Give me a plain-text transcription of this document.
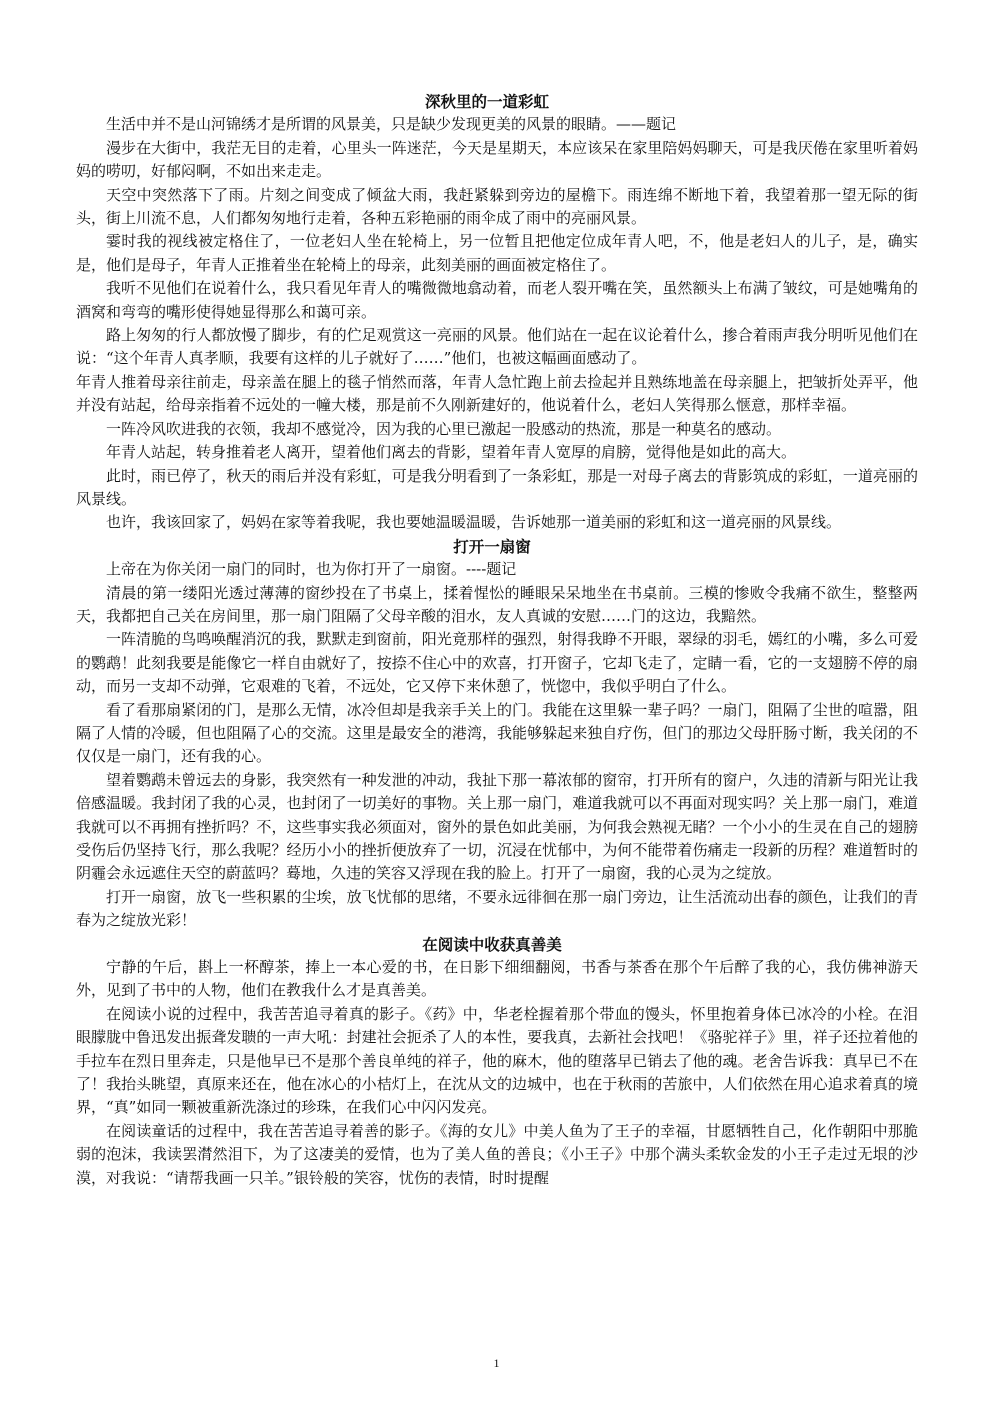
深秋里的一道彩虹

生活中并不是山河锦绣才是所谓的风景美，只是缺少发现更美的风景的眼睛。——题记

漫步在大街中，我茫无目的走着，心里头一阵迷茫，今天是星期天，本应该呆在家里陪妈妈聊天，可是我厌倦在家里听着妈妈的唠叨，好郁闷啊，不如出来走走。

天空中突然落下了雨。片刻之间变成了倾盆大雨，我赶紧躲到旁边的屋檐下。雨连绵不断地下着，我望着那一望无际的街头，街上川流不息，人们都匆匆地行走着，各种五彩艳丽的雨伞成了雨中的亮丽风景。

霎时我的视线被定格住了，一位老妇人坐在轮椅上，另一位暂且把他定位成年青人吧，不，他是老妇人的儿子，是，确实是，他们是母子，年青人正推着坐在轮椅上的母亲，此刻美丽的画面被定格住了。

我听不见他们在说着什么，我只看见年青人的嘴微微地翕动着，而老人裂开嘴在笑，虽然额头上布满了皱纹，可是她嘴角的酒窝和弯弯的嘴形使得她显得那么和蔼可亲。

路上匆匆的行人都放慢了脚步，有的伫足观赏这一亮丽的风景。他们站在一起在议论着什么，掺合着雨声我分明听见他们在说：“这个年青人真孝顺，我要有这样的儿子就好了……”他们，也被这幅画面感动了。

年青人推着母亲往前走，母亲盖在腿上的毯子悄然而落，年青人急忙跑上前去捡起并且熟练地盖在母亲腿上，把皱折处弄平，他并没有站起，给母亲指着不远处的一幢大楼，那是前不久刚新建好的，他说着什么，老妇人笑得那么惬意，那样幸福。

一阵冷风吹进我的衣领，我却不感觉冷，因为我的心里已激起一股感动的热流，那是一种莫名的感动。

年青人站起，转身推着老人离开，望着他们离去的背影，望着年青人宽厚的肩膀，觉得他是如此的高大。

此时，雨已停了，秋天的雨后并没有彩虹，可是我分明看到了一条彩虹，那是一对母子离去的背影筑成的彩虹，一道亮丽的风景线。

也许，我该回家了，妈妈在家等着我呢，我也要她温暖温暖，告诉她那一道美丽的彩虹和这一道亮丽的风景线。

打开一扇窗

上帝在为你关闭一扇门的同时，也为你打开了一扇窗。----题记

清晨的第一缕阳光透过薄薄的窗纱投在了书桌上，揉着惺忪的睡眼呆呆地坐在书桌前。三模的惨败令我痛不欲生，整整两天，我都把自己关在房间里，那一扇门阻隔了父母辛酸的泪水，友人真诚的安慰……门的这边，我黯然。

一阵清脆的鸟鸣唤醒消沉的我，默默走到窗前，阳光竟那样的强烈，射得我睁不开眼，翠绿的羽毛，嫣红的小嘴，多么可爱的鹦鹉！此刻我要是能像它一样自由就好了，按捺不住心中的欢喜，打开窗子，它却飞走了，定睛一看，它的一支翅膀不停的扇动，而另一支却不动弹，它艰难的飞着，不远处，它又停下来休憩了，恍惚中，我似乎明白了什么。

看了看那扇紧闭的门，是那么无情，冰冷但却是我亲手关上的门。我能在这里躲一辈子吗？一扇门，阻隔了尘世的喧嚣，阻隔了人情的冷暖，但也阻隔了心的交流。这里是最安全的港湾，我能够躲起来独自疗伤，但门的那边父母肝肠寸断，我关闭的不仅仅是一扇门，还有我的心。

望着鹦鹉未曾远去的身影，我突然有一种发泄的冲动，我扯下那一幕浓郁的窗帘，打开所有的窗户，久违的清新与阳光让我倍感温暖。我封闭了我的心灵，也封闭了一切美好的事物。关上那一扇门，难道我就可以不再面对现实吗？关上那一扇门，难道我就可以不再拥有挫折吗？不，这些事实我必须面对，窗外的景色如此美丽，为何我会熟视无睹？一个小小的生灵在自己的翅膀受伤后仍坚持飞行，那么我呢？经历小小的挫折便放弃了一切，沉浸在忧郁中，为何不能带着伤痛走一段新的历程？难道暂时的阴霾会永远遮住天空的蔚蓝吗？蓦地，久违的笑容又浮现在我的脸上。打开了一扇窗，我的心灵为之绽放。

打开一扇窗，放飞一些积累的尘埃，放飞忧郁的思绪，不要永远徘徊在那一扇门旁边，让生活流动出春的颜色，让我们的青春为之绽放光彩！

在阅读中收获真善美

宁静的午后，斟上一杯醇茶，捧上一本心爱的书，在日影下细细翻阅，书香与茶香在那个午后醉了我的心，我仿佛神游天外，见到了书中的人物，他们在教我什么才是真善美。

在阅读小说的过程中，我苦苦追寻着真的影子。《药》中，华老栓握着那个带血的馒头，怀里抱着身体已冰冷的小栓。在泪眼朦胧中鲁迅发出振聋发聩的一声大吼：封建社会扼杀了人的本性，要我真，去新社会找吧！《骆驼祥子》里，祥子还拉着他的手拉车在烈日里奔走，只是他早已不是那个善良单纯的祥子，他的麻木，他的堕落早已销去了他的魂。老舍告诉我：真早已不在了！我抬头眺望，真原来还在，他在冰心的小桔灯上，在沈从文的边城中，也在于秋雨的苦旅中，人们依然在用心追求着真的境界，“真”如同一颗被重新洗涤过的珍珠，在我们心中闪闪发亮。

在阅读童话的过程中，我在苦苦追寻着善的影子。《海的女儿》中美人鱼为了王子的幸福，甘愿牺牲自己，化作朝阳中那脆弱的泡沫，我读罢潸然泪下，为了这凄美的爱情，也为了美人鱼的善良；《小王子》中那个满头柔软金发的小王子走过无垠的沙漠，对我说：“请帮我画一只羊。”银铃般的笑容，忧伤的表情，时时提醒

1
